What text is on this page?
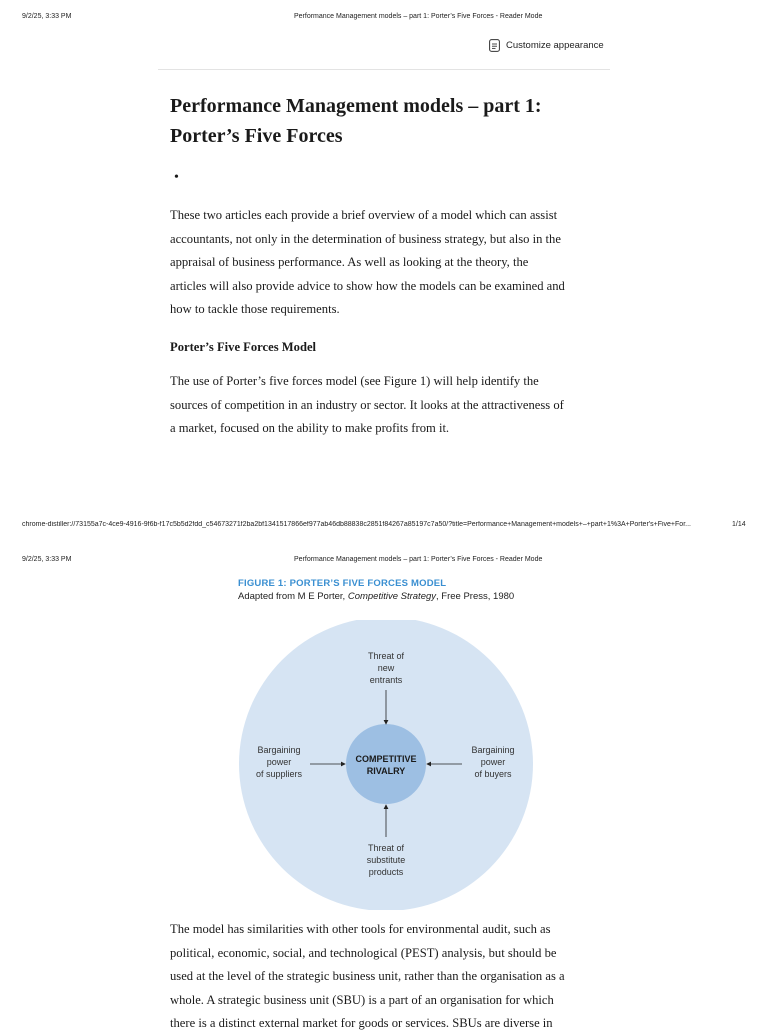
9/2/25, 3:33 PM	Performance Management models – part 1: Porter’s Five Forces - Reader Mode
Customize appearance
Performance Management models – part 1:
Porter’s Five Forces
•

These two articles each provide a brief overview of a model which can assist
accountants, not only in the determination of business strategy, but also in the
appraisal of business performance. As well as looking at the theory, the
articles will also provide advice to show how the models can be examined and
how to tackle those requirements.

Porter’s Five Forces Model

The use of Porter’s five forces model (see Figure 1) will help identify the
sources of competition in an industry or sector. It looks at the attractiveness of
a market, focused on the ability to make profits from it.

chrome-distiller://73155a7c-4ce9-4916-9f6b-f17c5b5d2fdd_c54673271f2ba2bf1341517866ef977ab46db88838c2851f84267a85197c7a50/?title=Performance+Management+models+–+part+1%3A+Porter's+Five+For...	1/14
9/2/25, 3:33 PM	Performance Management models – part 1: Porter’s Five Forces - Reader Mode
FIGURE 1: PORTER’S FIVE FORCES MODEL
Adapted from M E Porter, Competitive Strategy, Free Press, 1980
COMPETITIVE
RIVALRY
Threat of
new
entrants
Bargaining
power
of suppliers
Bargaining
power
of buyers
Threat of
substitute
products

The model has similarities with other tools for environmental audit, such as
political, economic, social, and technological (PEST) analysis, but should be
used at the level of the strategic business unit, rather than the organisation as a
whole. A strategic business unit (SBU) is a part of an organisation for which
there is a distinct external market for goods or services. SBUs are diverse in
